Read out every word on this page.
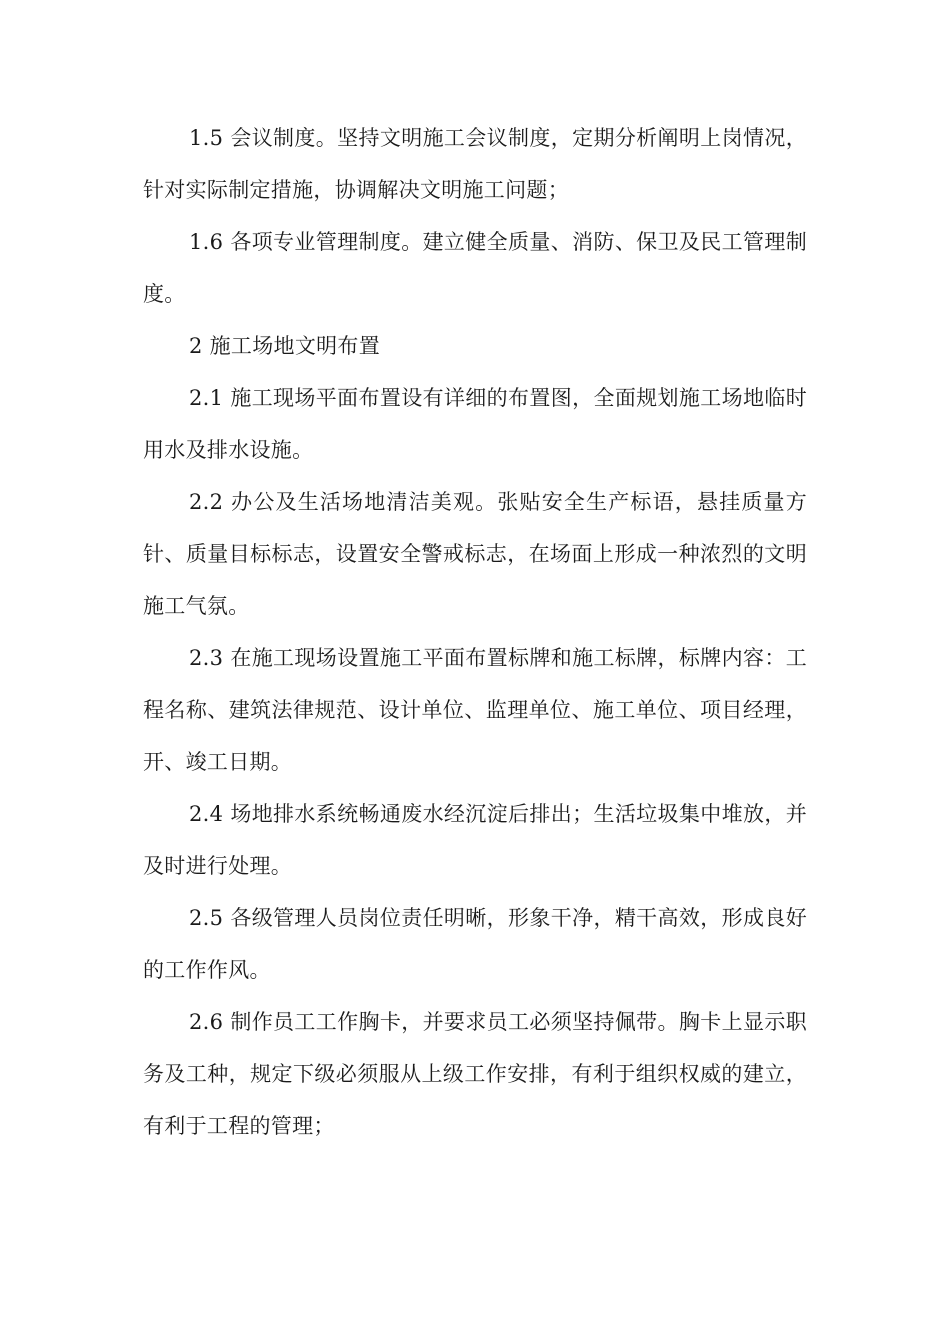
1.5 会议制度。坚持文明施工会议制度，定期分析阐明上岗情况，针对实际制定措施，协调解决文明施工问题；

1.6 各项专业管理制度。建立健全质量、消防、保卫及民工管理制度。

2 施工场地文明布置

2.1 施工现场平面布置设有详细的布置图，全面规划施工场地临时用水及排水设施。

2.2 办公及生活场地清洁美观。张贴安全生产标语，悬挂质量方针、质量目标标志，设置安全警戒标志，在场面上形成一种浓烈的文明施工气氛。

2.3 在施工现场设置施工平面布置标牌和施工标牌，标牌内容：工程名称、建筑法律规范、设计单位、监理单位、施工单位、项目经理，开、竣工日期。

2.4 场地排水系统畅通废水经沉淀后排出；生活垃圾集中堆放，并及时进行处理。

2.5 各级管理人员岗位责任明晰，形象干净，精干高效，形成良好的工作作风。

2.6 制作员工工作胸卡，并要求员工必须坚持佩带。胸卡上显示职务及工种，规定下级必须服从上级工作安排，有利于组织权威的建立，有利于工程的管理；
